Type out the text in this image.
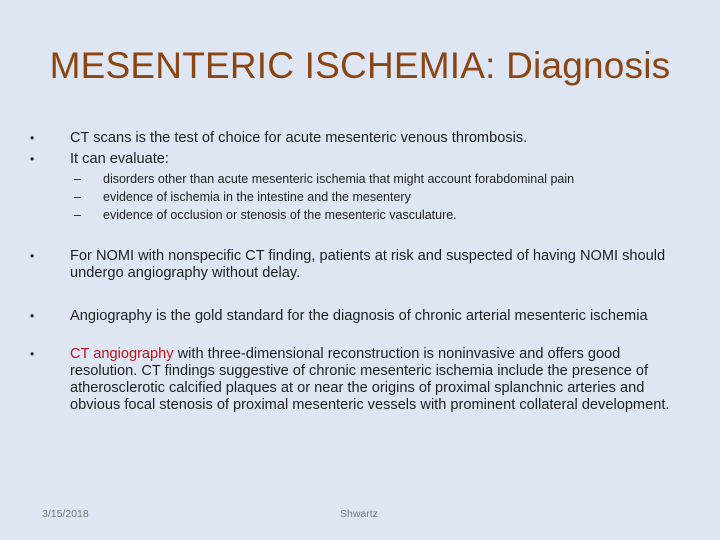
MESENTERIC ISCHEMIA: Diagnosis
•	CT scans is the test of choice for acute mesenteric venous thrombosis.
•	It can evaluate:
– disorders other than acute mesenteric ischemia that might account forabdominal pain
– evidence of ischemia in the intestine and the mesentery
– evidence of occlusion or stenosis of the mesenteric vasculature.
•	For NOMI with nonspecific CT finding, patients at risk and suspected of having NOMI should undergo angiography without delay.
•	Angiography is the gold standard for the diagnosis of chronic arterial mesenteric ischemia
•	CT angiography with three-dimensional reconstruction is noninvasive and offers good resolution. CT findings suggestive of chronic mesenteric ischemia include the presence of atherosclerotic calcified plaques at or near the origins of proximal splanchnic arteries and obvious focal stenosis of proximal mesenteric vessels with prominent collateral development.
3/15/2018	Shwartz
